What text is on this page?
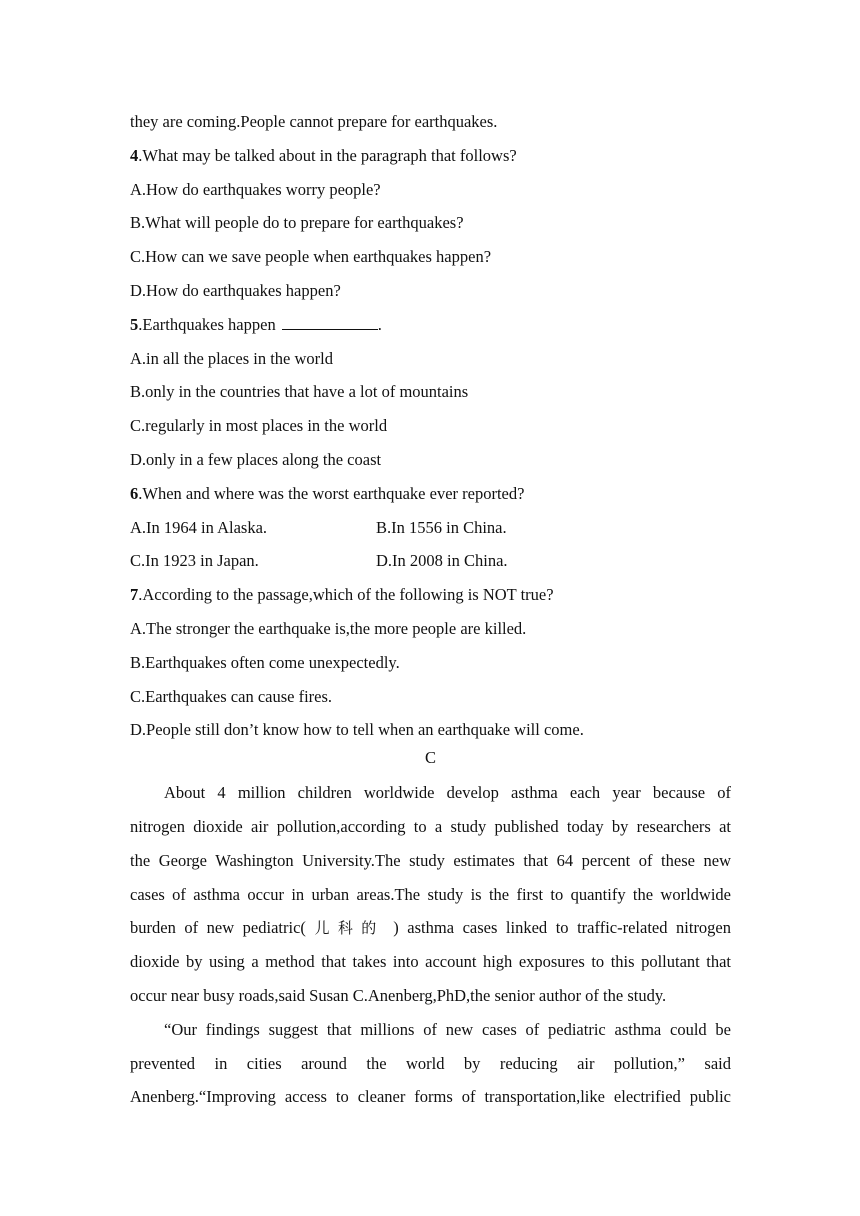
they are coming.People cannot prepare for earthquakes.
4.What may be talked about in the paragraph that follows?
A.How do earthquakes worry people?
B.What will people do to prepare for earthquakes?
C.How can we save people when earthquakes happen?
D.How do earthquakes happen?
5.Earthquakes happen	.
A.in all the places in the world
B.only in the countries that have a lot of mountains
C.regularly in most places in the world
D.only in a few places along the coast
6.When and where was the worst earthquake ever reported?
A.In 1964 in Alaska.	B.In 1556 in China.
C.In 1923 in Japan.	D.In 2008 in China.
7.According to the passage,which of the following is NOT true?
A.The stronger the earthquake is,the more people are killed.
B.Earthquakes often come unexpectedly.
C.Earthquakes can cause fires.
D.People still don’t know how to tell when an earthquake will come.
C
About 4 million children worldwide develop asthma each year because of
nitrogen dioxide air pollution,according to a study published today by researchers at
the George Washington University.The study estimates that 64 percent of these new
cases of asthma occur in urban areas.The study is the first to quantify the worldwide
burden of new pediatric( 儿科的 ) asthma cases linked to traffic-related nitrogen
dioxide by using a method that takes into account high exposures to this pollutant that
occur near busy roads,said Susan C.Anenberg,PhD,the senior author of the study.
“Our findings suggest that millions of new cases of pediatric asthma could be
prevented in cities around the world by reducing air pollution,” said
Anenberg.“Improving access to cleaner forms of transportation,like electrified public
